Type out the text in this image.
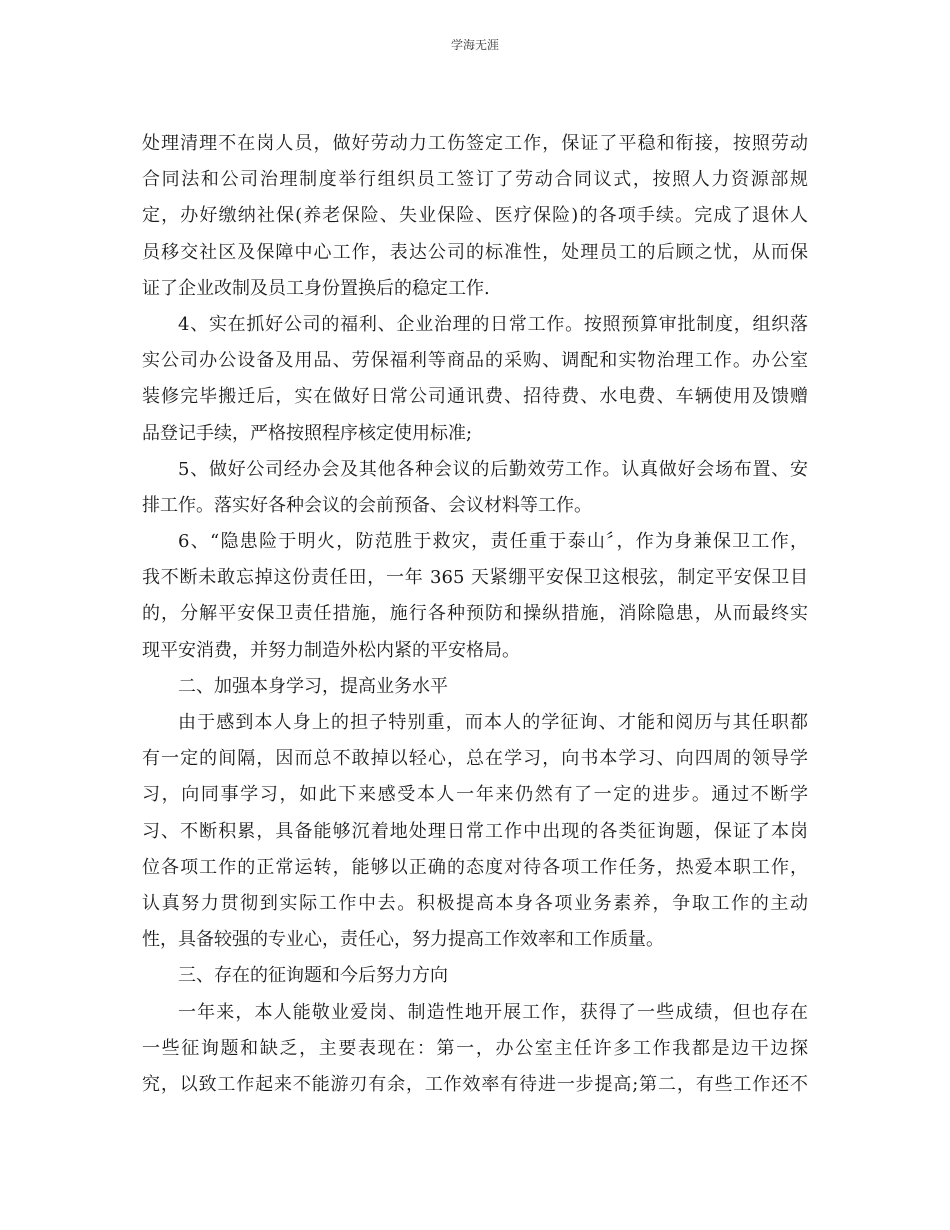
学海无涯
处理清理不在岗人员，做好劳动力工伤签定工作，保证了平稳和衔接，按照劳动
合同法和公司治理制度举行组织员工签订了劳动合同议式，按照人力资源部规
定，办好缴纳社保(养老保险、失业保险、医疗保险)的各项手续。完成了退休人
员移交社区及保障中心工作，表达公司的标准性，处理员工的后顾之忧，从而保
证了企业改制及员工身份置换后的稳定工作.
4、实在抓好公司的福利、企业治理的日常工作。按照预算审批制度，组织落
实公司办公设备及用品、劳保福利等商品的采购、调配和实物治理工作。办公室
装修完毕搬迁后，实在做好日常公司通讯费、招待费、水电费、车辆使用及馈赠
品登记手续，严格按照程序核定使用标准;
5、做好公司经办会及其他各种会议的后勤效劳工作。认真做好会场布置、安
排工作。落实好各种会议的会前预备、会议材料等工作。
6、“隐患险于明火，防范胜于救灾，责任重于泰山〞，作为身兼保卫工作，
我不断未敢忘掉这份责任田，一年 365 天紧绷平安保卫这根弦，制定平安保卫目
的，分解平安保卫责任措施，施行各种预防和操纵措施，消除隐患，从而最终实
现平安消费，并努力制造外松内紧的平安格局。
二、加强本身学习，提高业务水平
由于感到本人身上的担子特别重，而本人的学征询、才能和阅历与其任职都
有一定的间隔，因而总不敢掉以轻心，总在学习，向书本学习、向四周的领导学
习，向同事学习，如此下来感受本人一年来仍然有了一定的进步。通过不断学
习、不断积累，具备能够沉着地处理日常工作中出现的各类征询题，保证了本岗
位各项工作的正常运转，能够以正确的态度对待各项工作任务，热爱本职工作，
认真努力贯彻到实际工作中去。积极提高本身各项业务素养，争取工作的主动
性，具备较强的专业心，责任心，努力提高工作效率和工作质量。
三、存在的征询题和今后努力方向
一年来，本人能敬业爱岗、制造性地开展工作，获得了一些成绩，但也存在
一些征询题和缺乏，主要表现在：第一，办公室主任许多工作我都是边干边探
究，以致工作起来不能游刃有余，工作效率有待进一步提高;第二，有些工作还不
